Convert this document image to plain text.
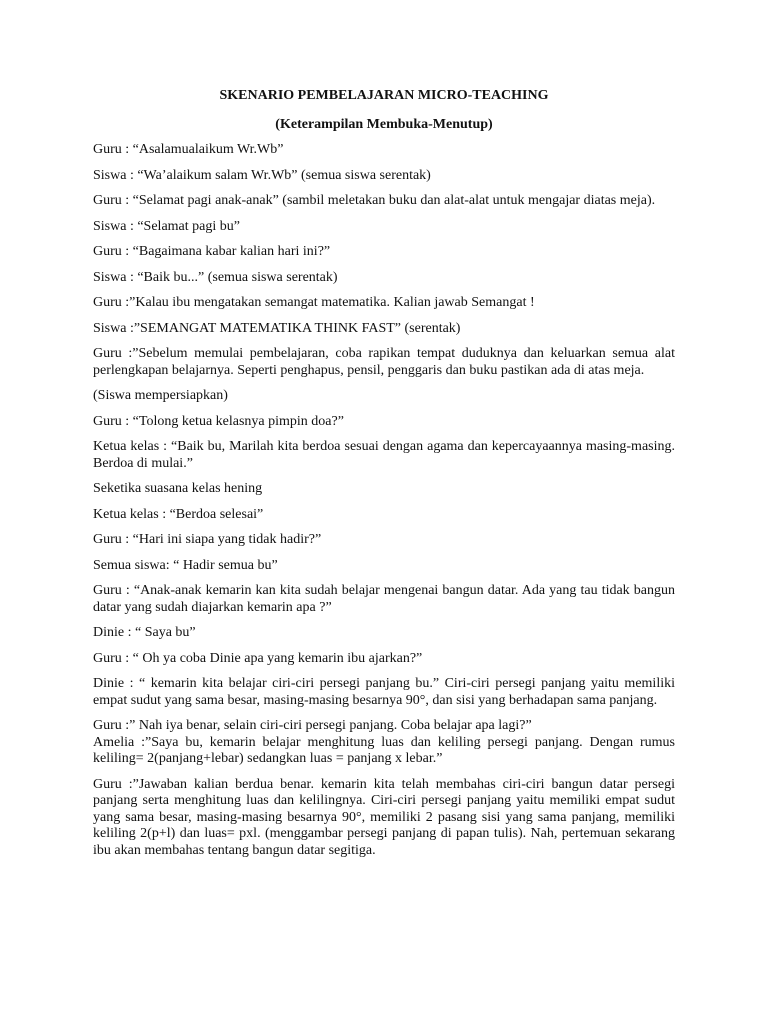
SKENARIO PEMBELAJARAN MICRO-TEACHING
(Keterampilan Membuka-Menutup)
Guru : “Asalamualaikum Wr.Wb”
Siswa : “Wa’alaikum salam Wr.Wb” (semua siswa serentak)
Guru : “Selamat pagi anak-anak” (sambil meletakan buku dan alat-alat untuk mengajar diatas meja).
Siswa : “Selamat pagi bu”
Guru : “Bagaimana kabar kalian hari ini?”
Siswa : “Baik bu...” (semua siswa serentak)
Guru :”Kalau ibu mengatakan semangat matematika. Kalian jawab Semangat !
Siswa :”SEMANGAT MATEMATIKA THINK FAST” (serentak)
Guru :”Sebelum memulai pembelajaran, coba rapikan tempat duduknya dan keluarkan semua alat perlengkapan belajarnya. Seperti penghapus, pensil, penggaris dan buku pastikan ada di atas meja.
(Siswa mempersiapkan)
Guru : “Tolong ketua kelasnya pimpin doa?”
Ketua kelas : “Baik bu, Marilah kita berdoa sesuai dengan agama dan kepercayaannya masing-masing. Berdoa di mulai.”
Seketika suasana kelas hening
Ketua kelas : “Berdoa selesai”
Guru : “Hari ini siapa yang tidak hadir?”
Semua siswa: “ Hadir semua bu”
Guru : “Anak-anak kemarin kan kita sudah belajar mengenai bangun datar. Ada yang tau tidak bangun datar yang sudah diajarkan kemarin apa ?”
Dinie : “ Saya bu”
Guru : “ Oh ya coba Dinie apa yang kemarin ibu ajarkan?”
Dinie : “ kemarin kita belajar ciri-ciri persegi panjang bu.” Ciri-ciri persegi panjang yaitu memiliki empat sudut yang sama besar, masing-masing besarnya 90°, dan sisi yang berhadapan sama panjang.
Guru :” Nah iya benar, selain ciri-ciri persegi panjang. Coba belajar apa lagi?”
Amelia :”Saya bu, kemarin belajar menghitung luas dan keliling persegi panjang. Dengan rumus keliling= 2(panjang+lebar) sedangkan luas = panjang x lebar.”
Guru :”Jawaban kalian berdua benar. kemarin kita telah membahas ciri-ciri bangun datar persegi panjang serta menghitung luas dan kelilingnya. Ciri-ciri persegi panjang yaitu memiliki empat sudut yang sama besar, masing-masing besarnya 90°, memiliki 2 pasang sisi yang sama panjang, memiliki keliling 2(p+l) dan luas= pxl. (menggambar persegi panjang di papan tulis). Nah, pertemuan sekarang ibu akan membahas tentang bangun datar segitiga.
